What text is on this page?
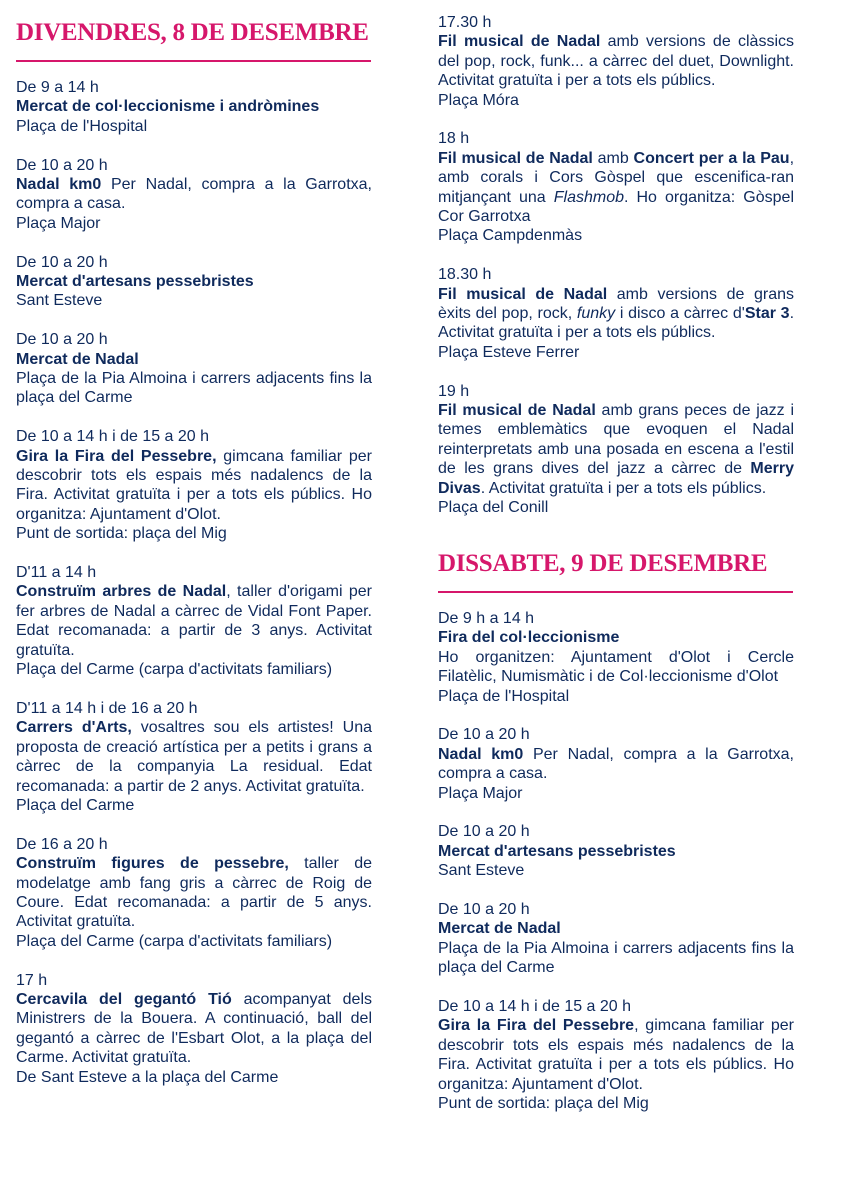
DIVENDRES, 8 DE DESEMBRE
De 9 a 14 h
Mercat de col·leccionisme i andròmines
Plaça de l'Hospital
De 10 a 20 h
Nadal km0 Per Nadal, compra a la Garrotxa, compra a casa.
Plaça Major
De 10 a 20 h
Mercat d'artesans pessebristes
Sant Esteve
De 10 a 20 h
Mercat de Nadal
Plaça de la Pia Almoina i carrers adjacents fins la plaça del Carme
De 10 a 14 h i de 15 a 20 h
Gira la Fira del Pessebre, gimcana familiar per descobrir tots els espais més nadalencs de la Fira. Activitat gratuïta i per a tots els públics. Ho organitza: Ajuntament d'Olot.
Punt de sortida: plaça del Mig
D'11 a 14 h
Construïm arbres de Nadal, taller d'origami per fer arbres de Nadal a càrrec de Vidal Font Paper. Edat recomanada: a partir de 3 anys. Activitat gratuïta.
Plaça del Carme (carpa d'activitats familiars)
D'11 a 14 h i de 16 a 20 h
Carrers d'Arts, vosaltres sou els artistes! Una proposta de creació artística per a petits i grans a càrrec de la companyia La residual. Edat recomanada: a partir de 2 anys. Activitat gratuïta.
Plaça del Carme
De 16 a 20 h
Construïm figures de pessebre, taller de modelatge amb fang gris a càrrec de Roig de Coure. Edat recomanada: a partir de 5 anys. Activitat gratuïta.
Plaça del Carme (carpa d'activitats familiars)
17 h
Cercavila del gegantó Tió acompanyat dels Ministrers de la Bouera. A continuació, ball del gegantó a càrrec de l'Esbart Olot, a la plaça del Carme. Activitat gratuïta.
De Sant Esteve a la plaça del Carme
17.30 h
Fil musical de Nadal amb versions de clàssics del pop, rock, funk... a càrrec del duet, Downlight. Activitat gratuïta i per a tots els públics.
Plaça Móra
18 h
Fil musical de Nadal amb Concert per a la Pau, amb corals i Cors Gòspel que escenifica-ran mitjançant una Flashmob. Ho organitza: Gòspel Cor Garrotxa
Plaça Campdenmàs
18.30 h
Fil musical de Nadal amb versions de grans èxits del pop, rock, funky i disco a càrrec d'Star 3. Activitat gratuïta i per a tots els públics.
Plaça Esteve Ferrer
19 h
Fil musical de Nadal amb grans peces de jazz i temes emblemàtics que evoquen el Nadal reinterpretats amb una posada en escena a l'estil de les grans dives del jazz a càrrec de Merry Divas. Activitat gratuïta i per a tots els públics.
Plaça del Conill
DISSABTE, 9 DE DESEMBRE
De 9 h a 14 h
Fira del col·leccionisme
Ho organitzen: Ajuntament d'Olot i Cercle Filatèlic, Numismàtic i de Col·leccionisme d'Olot
Plaça de l'Hospital
De 10 a 20 h
Nadal km0 Per Nadal, compra a la Garrotxa, compra a casa.
Plaça Major
De 10 a 20 h
Mercat d'artesans pessebristes
Sant Esteve
De 10 a 20 h
Mercat de Nadal
Plaça de la Pia Almoina i carrers adjacents fins la plaça del Carme
De 10 a 14 h i de 15 a 20 h
Gira la Fira del Pessebre, gimcana familiar per descobrir tots els espais més nadalencs de la Fira. Activitat gratuïta i per a tots els públics. Ho organitza: Ajuntament d'Olot.
Punt de sortida: plaça del Mig
